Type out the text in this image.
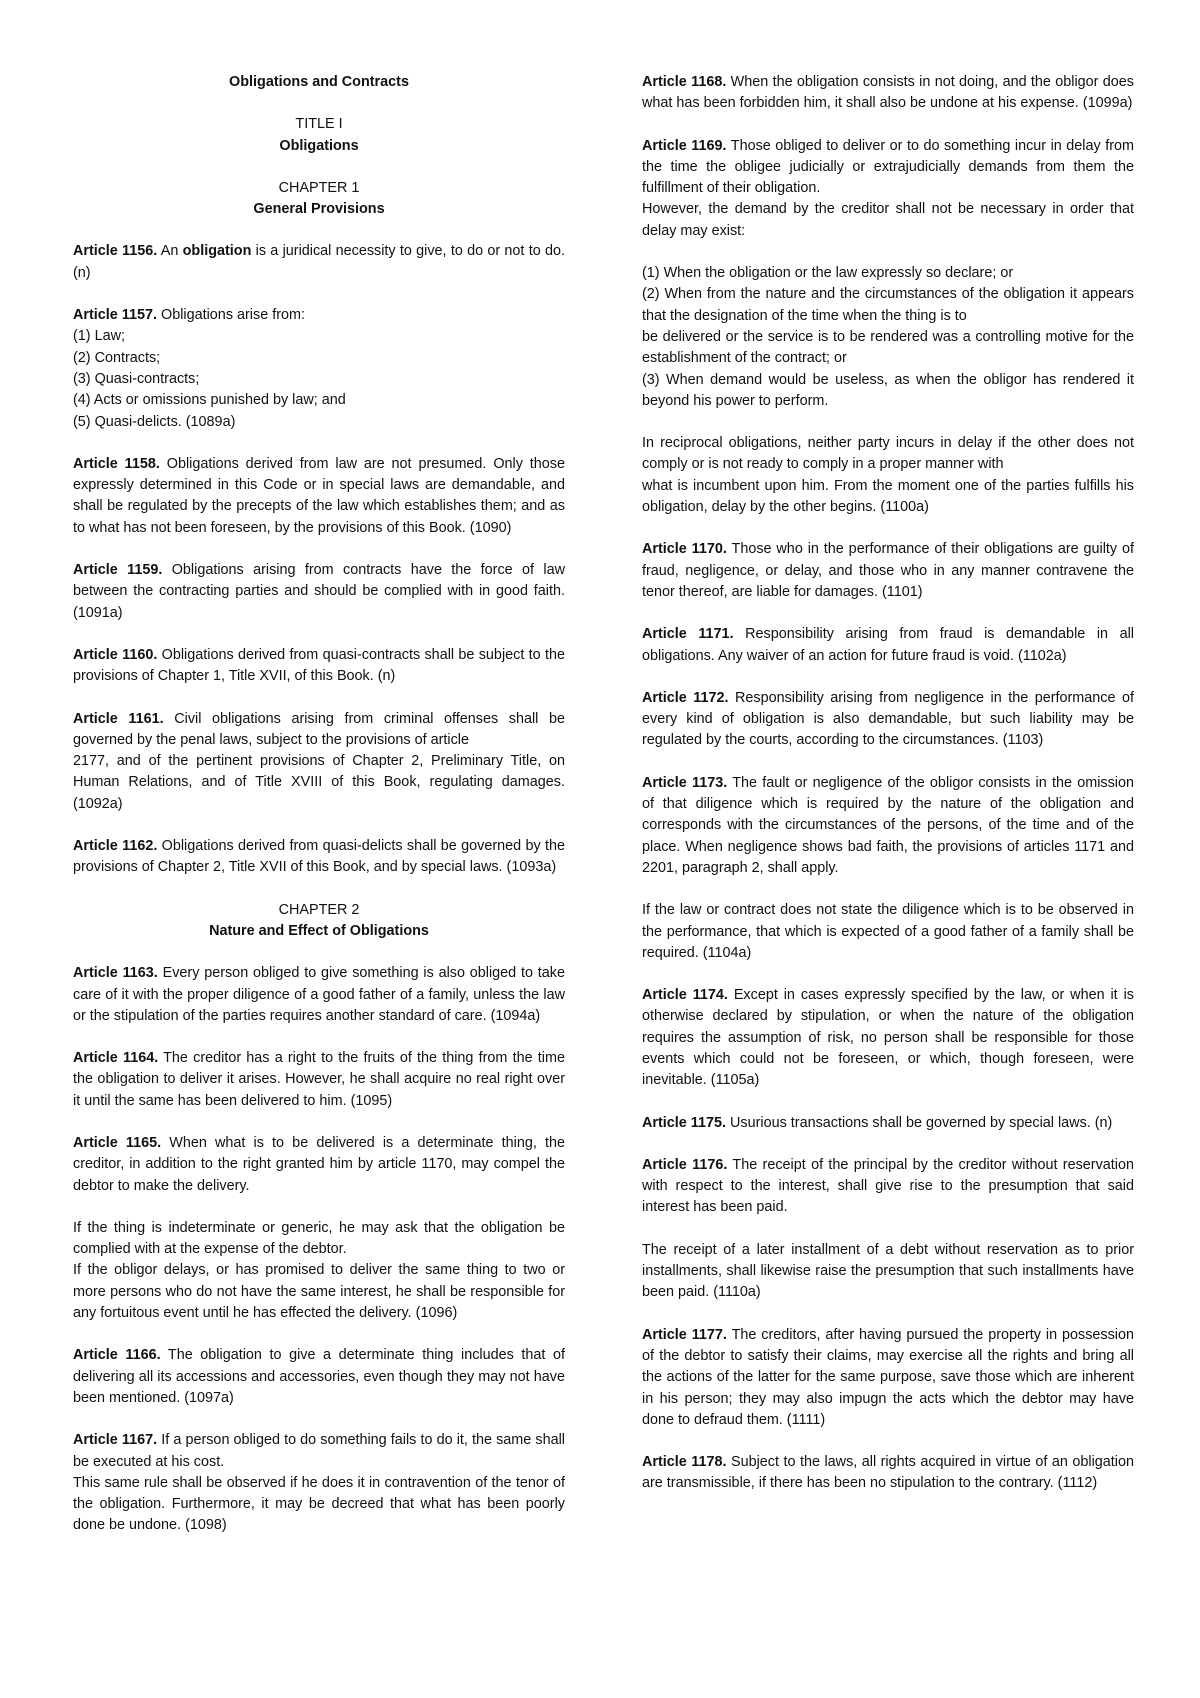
Obligations and Contracts
TITLE I
Obligations
CHAPTER 1
General Provisions

Article 1156. An obligation is a juridical necessity to give, to do or not to do. (n)

Article 1157. Obligations arise from:
(1) Law;
(2) Contracts;
(3) Quasi-contracts;
(4) Acts or omissions punished by law; and
(5) Quasi-delicts. (1089a)

Article 1158. Obligations derived from law are not presumed. Only those expressly determined in this Code or in special laws are demandable, and shall be regulated by the precepts of the law which establishes them; and as to what has not been foreseen, by the provisions of this Book. (1090)

Article 1159. Obligations arising from contracts have the force of law between the contracting parties and should be complied with in good faith. (1091a)

Article 1160. Obligations derived from quasi-contracts shall be subject to the provisions of Chapter 1, Title XVII, of this Book. (n)

Article 1161. Civil obligations arising from criminal offenses shall be governed by the penal laws, subject to the provisions of article
2177, and of the pertinent provisions of Chapter 2, Preliminary Title, on Human Relations, and of Title XVIII of this Book, regulating damages. (1092a)

Article 1162. Obligations derived from quasi-delicts shall be governed by the provisions of Chapter 2, Title XVII of this Book, and by special laws. (1093a)

CHAPTER 2
Nature and Effect of Obligations

Article 1163. Every person obliged to give something is also obliged to take care of it with the proper diligence of a good father of a family, unless the law or the stipulation of the parties requires another standard of care. (1094a)

Article 1164. The creditor has a right to the fruits of the thing from the time the obligation to deliver it arises. However, he shall acquire no real right over it until the same has been delivered to him. (1095)

Article 1165. When what is to be delivered is a determinate thing, the creditor, in addition to the right granted him by article 1170, may compel the debtor to make the delivery.

If the thing is indeterminate or generic, he may ask that the obligation be complied with at the expense of the debtor.

If the obligor delays, or has promised to deliver the same thing to two or more persons who do not have the same interest, he shall be responsible for any fortuitous event until he has effected the delivery. (1096)

Article 1166. The obligation to give a determinate thing includes that of delivering all its accessions and accessories, even though they may not have been mentioned. (1097a)

Article 1167. If a person obliged to do something fails to do it, the same shall be executed at his cost.

This same rule shall be observed if he does it in contravention of the tenor of the obligation. Furthermore, it may be decreed that what has been poorly done be undone. (1098)

Article 1168. When the obligation consists in not doing, and the obligor does what has been forbidden him, it shall also be undone at his expense. (1099a)

Article 1169. Those obliged to deliver or to do something incur in delay from the time the obligee judicially or extrajudicially demands from them the fulfillment of their obligation.

However, the demand by the creditor shall not be necessary in order that delay may exist:

(1) When the obligation or the law expressly so declare; or
(2) When from the nature and the circumstances of the obligation it appears that the designation of the time when the thing is to
be delivered or the service is to be rendered was a controlling motive for the establishment of the contract; or
(3) When demand would be useless, as when the obligor has rendered it beyond his power to perform.

In reciprocal obligations, neither party incurs in delay if the other does not comply or is not ready to comply in a proper manner with
what is incumbent upon him. From the moment one of the parties fulfills his obligation, delay by the other begins. (1100a)

Article 1170. Those who in the performance of their obligations are guilty of fraud, negligence, or delay, and those who in any manner contravene the tenor thereof, are liable for damages. (1101)

Article 1171. Responsibility arising from fraud is demandable in all obligations. Any waiver of an action for future fraud is void. (1102a)

Article 1172. Responsibility arising from negligence in the performance of every kind of obligation is also demandable, but such liability may be regulated by the courts, according to the circumstances. (1103)

Article 1173. The fault or negligence of the obligor consists in the omission of that diligence which is required by the nature of the obligation and corresponds with the circumstances of the persons, of the time and of the place. When negligence shows bad faith, the provisions of articles 1171 and 2201, paragraph 2, shall apply.

If the law or contract does not state the diligence which is to be observed in the performance, that which is expected of a good father of a family shall be required. (1104a)

Article 1174. Except in cases expressly specified by the law, or when it is otherwise declared by stipulation, or when the nature of the obligation requires the assumption of risk, no person shall be responsible for those events which could not be foreseen, or which, though foreseen, were inevitable. (1105a)

Article 1175. Usurious transactions shall be governed by special laws. (n)

Article 1176. The receipt of the principal by the creditor without reservation with respect to the interest, shall give rise to the presumption that said interest has been paid.

The receipt of a later installment of a debt without reservation as to prior installments, shall likewise raise the presumption that such installments have been paid. (1110a)

Article 1177. The creditors, after having pursued the property in possession of the debtor to satisfy their claims, may exercise all the rights and bring all the actions of the latter for the same purpose, save those which are inherent in his person; they may also impugn the acts which the debtor may have done to defraud them. (1111)

Article 1178. Subject to the laws, all rights acquired in virtue of an obligation are transmissible, if there has been no stipulation to the contrary. (1112)
